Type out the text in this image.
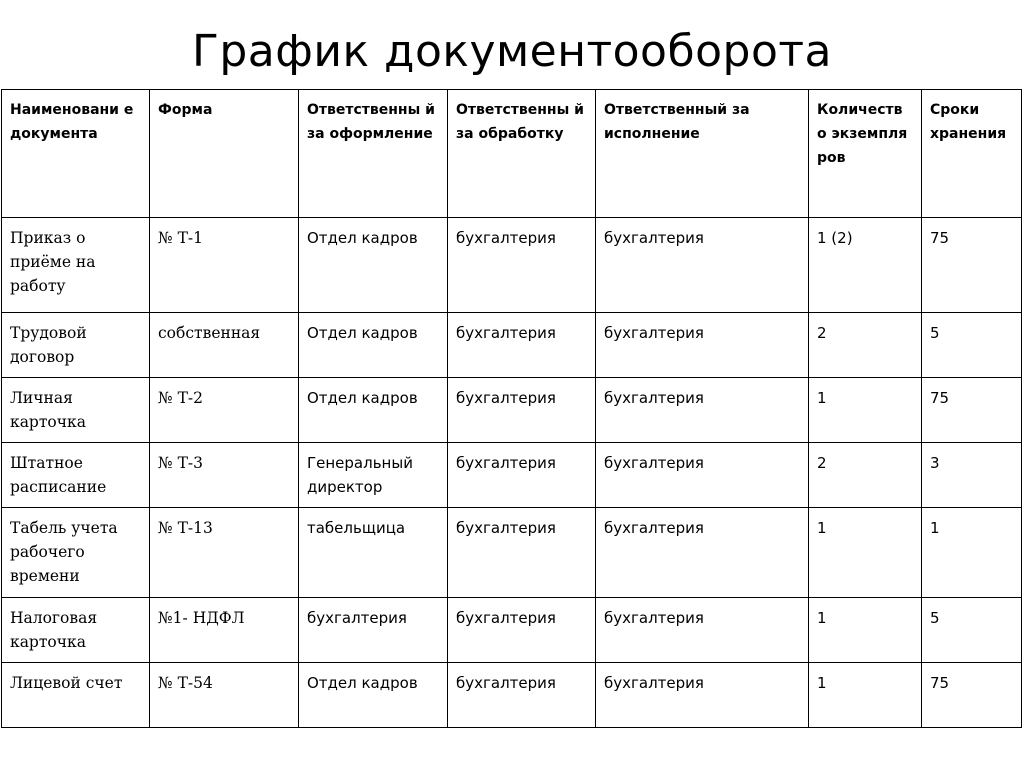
График документооборота
Наименовани е документа	Форма	Ответственны й за оформление	Ответственны й за обработку	Ответственный за исполнение	Количеств о экземпля ров	Сроки хранения
Приказ о приёме на работу	№ Т-1	Отдел кадров	бухгалтерия	бухгалтерия	1 (2)	75
Трудовой договор	собственная	Отдел кадров	бухгалтерия	бухгалтерия	2	5
Личная карточка	№ Т-2	Отдел кадров	бухгалтерия	бухгалтерия	1	75
Штатное расписание	№ Т-3	Генеральный директор	бухгалтерия	бухгалтерия	2	3
Табель учета рабочего времени	№ Т-13	табельщица	бухгалтерия	бухгалтерия	1	1
Налоговая карточка	№1- НДФЛ	бухгалтерия	бухгалтерия	бухгалтерия	1	5
Лицевой счет	№ Т-54	Отдел кадров	бухгалтерия	бухгалтерия	1	75
